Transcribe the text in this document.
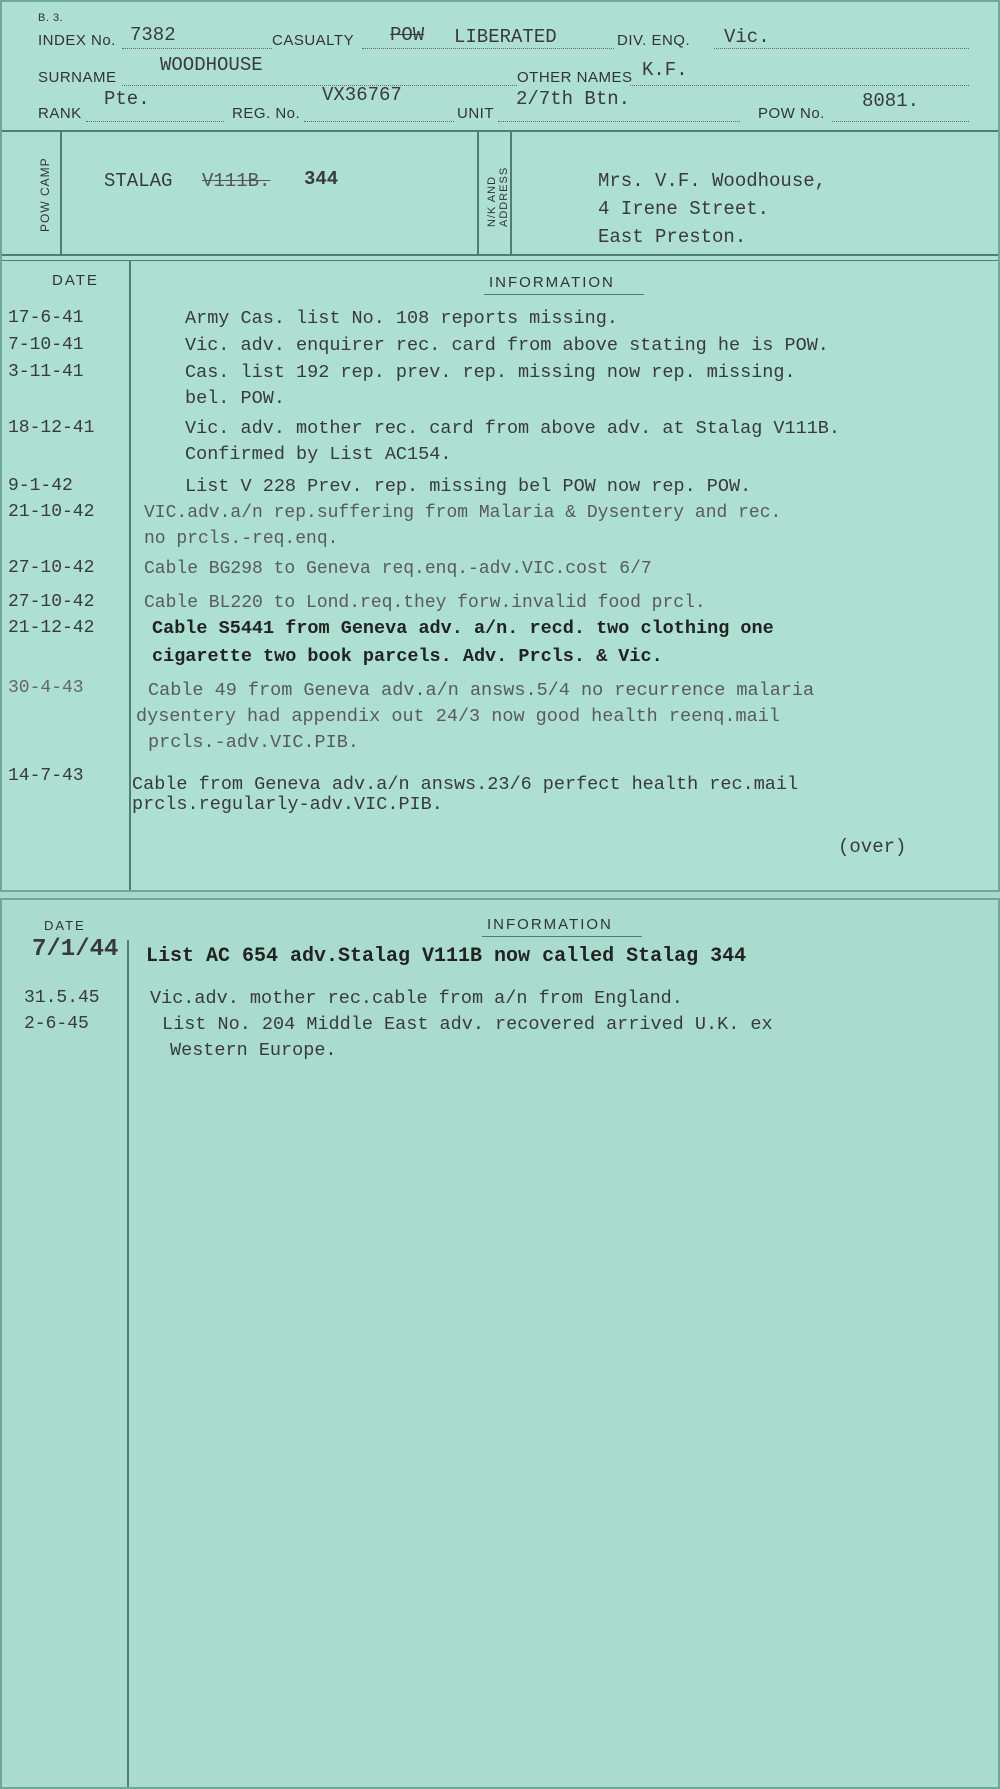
B. 3.
INDEX No. 7382	CASUALTY POW LIBERATED	DIV. ENQ. Vic.
SURNAME
WOODHOUSE
OTHER NAMES K.F.
RANK
Pte.
REG. No.
VX36767
UNIT
2/7th Btn.
POW No.
8081.
POW CAMP	STALAG V111B. 344	N/K AND ADDRESS	Mrs. V.F. Woodhouse,
4 Irene Street.
East Preston.
DATE	INFORMATION
17-6-41	Army Cas. list No. 108 reports missing.
7-10-41	Vic. adv. enquirer rec. card from above stating he is POW.
3-11-41	Cas. list 192 rep. prev. rep. missing now rep. missing.
bel. POW.
18-12-41	Vic. adv. mother rec. card from above adv. at Stalag V111B.
Confirmed by List AC154.
9-1-42	List V 228 Prev. rep. missing bel POW now rep. POW.
21-10-42	VIC.adv.a/n rep.suffering from Malaria & Dysentery and rec.
no prcls.-req.enq.
27-10-42	Cable BG298 to Geneva req.enq.-adv.VIC.cost 6/7
27-10-42	Cable BL220 to Lond.req.they forw.invalid food prcl.
21-12-42	Cable S5441 from Geneva adv. a/n. recd. two clothing one
cigarette two book parcels. Adv. Prcls. & Vic.
30-4-43	Cable 49 from Geneva adv.a/n answs.5/4 no recurrence malaria
dysentery had appendix out 24/3 now good health reenq.mail
prcls.-adv.VIC.PIB.
14-7-43	Cable from Geneva adv.a/n answs.23/6 perfect health rec.mail
prcls.regularly-adv.VIC.PIB.
(over)
DATE	INFORMATION
7/1/44 List AC 654 adv.Stalag V111B now called Stalag 344
31.5.45	Vic.adv. mother rec.cable from a/n from England.
2-6-45	List No. 204 Middle East adv. recovered arrived U.K. ex
Western Europe.
